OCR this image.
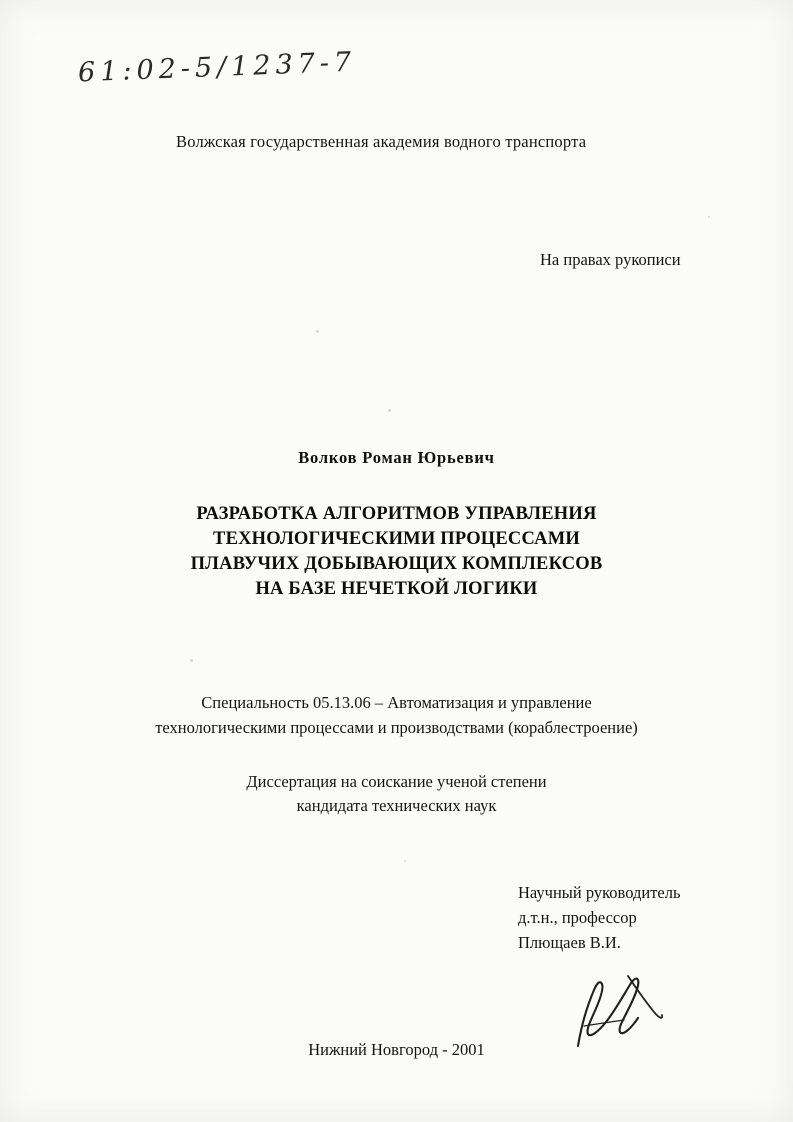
61:02-5/1237-7
Волжская государственная академия водного транспорта
На правах рукописи
Волков Роман Юрьевич
РАЗРАБОТКА АЛГОРИТМОВ УПРАВЛЕНИЯ
ТЕХНОЛОГИЧЕСКИМИ ПРОЦЕССАМИ
ПЛАВУЧИХ ДОБЫВАЮЩИХ КОМПЛЕКСОВ
НА БАЗЕ НЕЧЕТКОЙ ЛОГИКИ
Специальность 05.13.06 – Автоматизация и управление
технологическими процессами и производствами (кораблестроение)
Диссертация на соискание ученой степени
кандидата технических наук
Научный руководитель
д.т.н., профессор
Плющаев В.И.
Нижний Новгород - 2001
